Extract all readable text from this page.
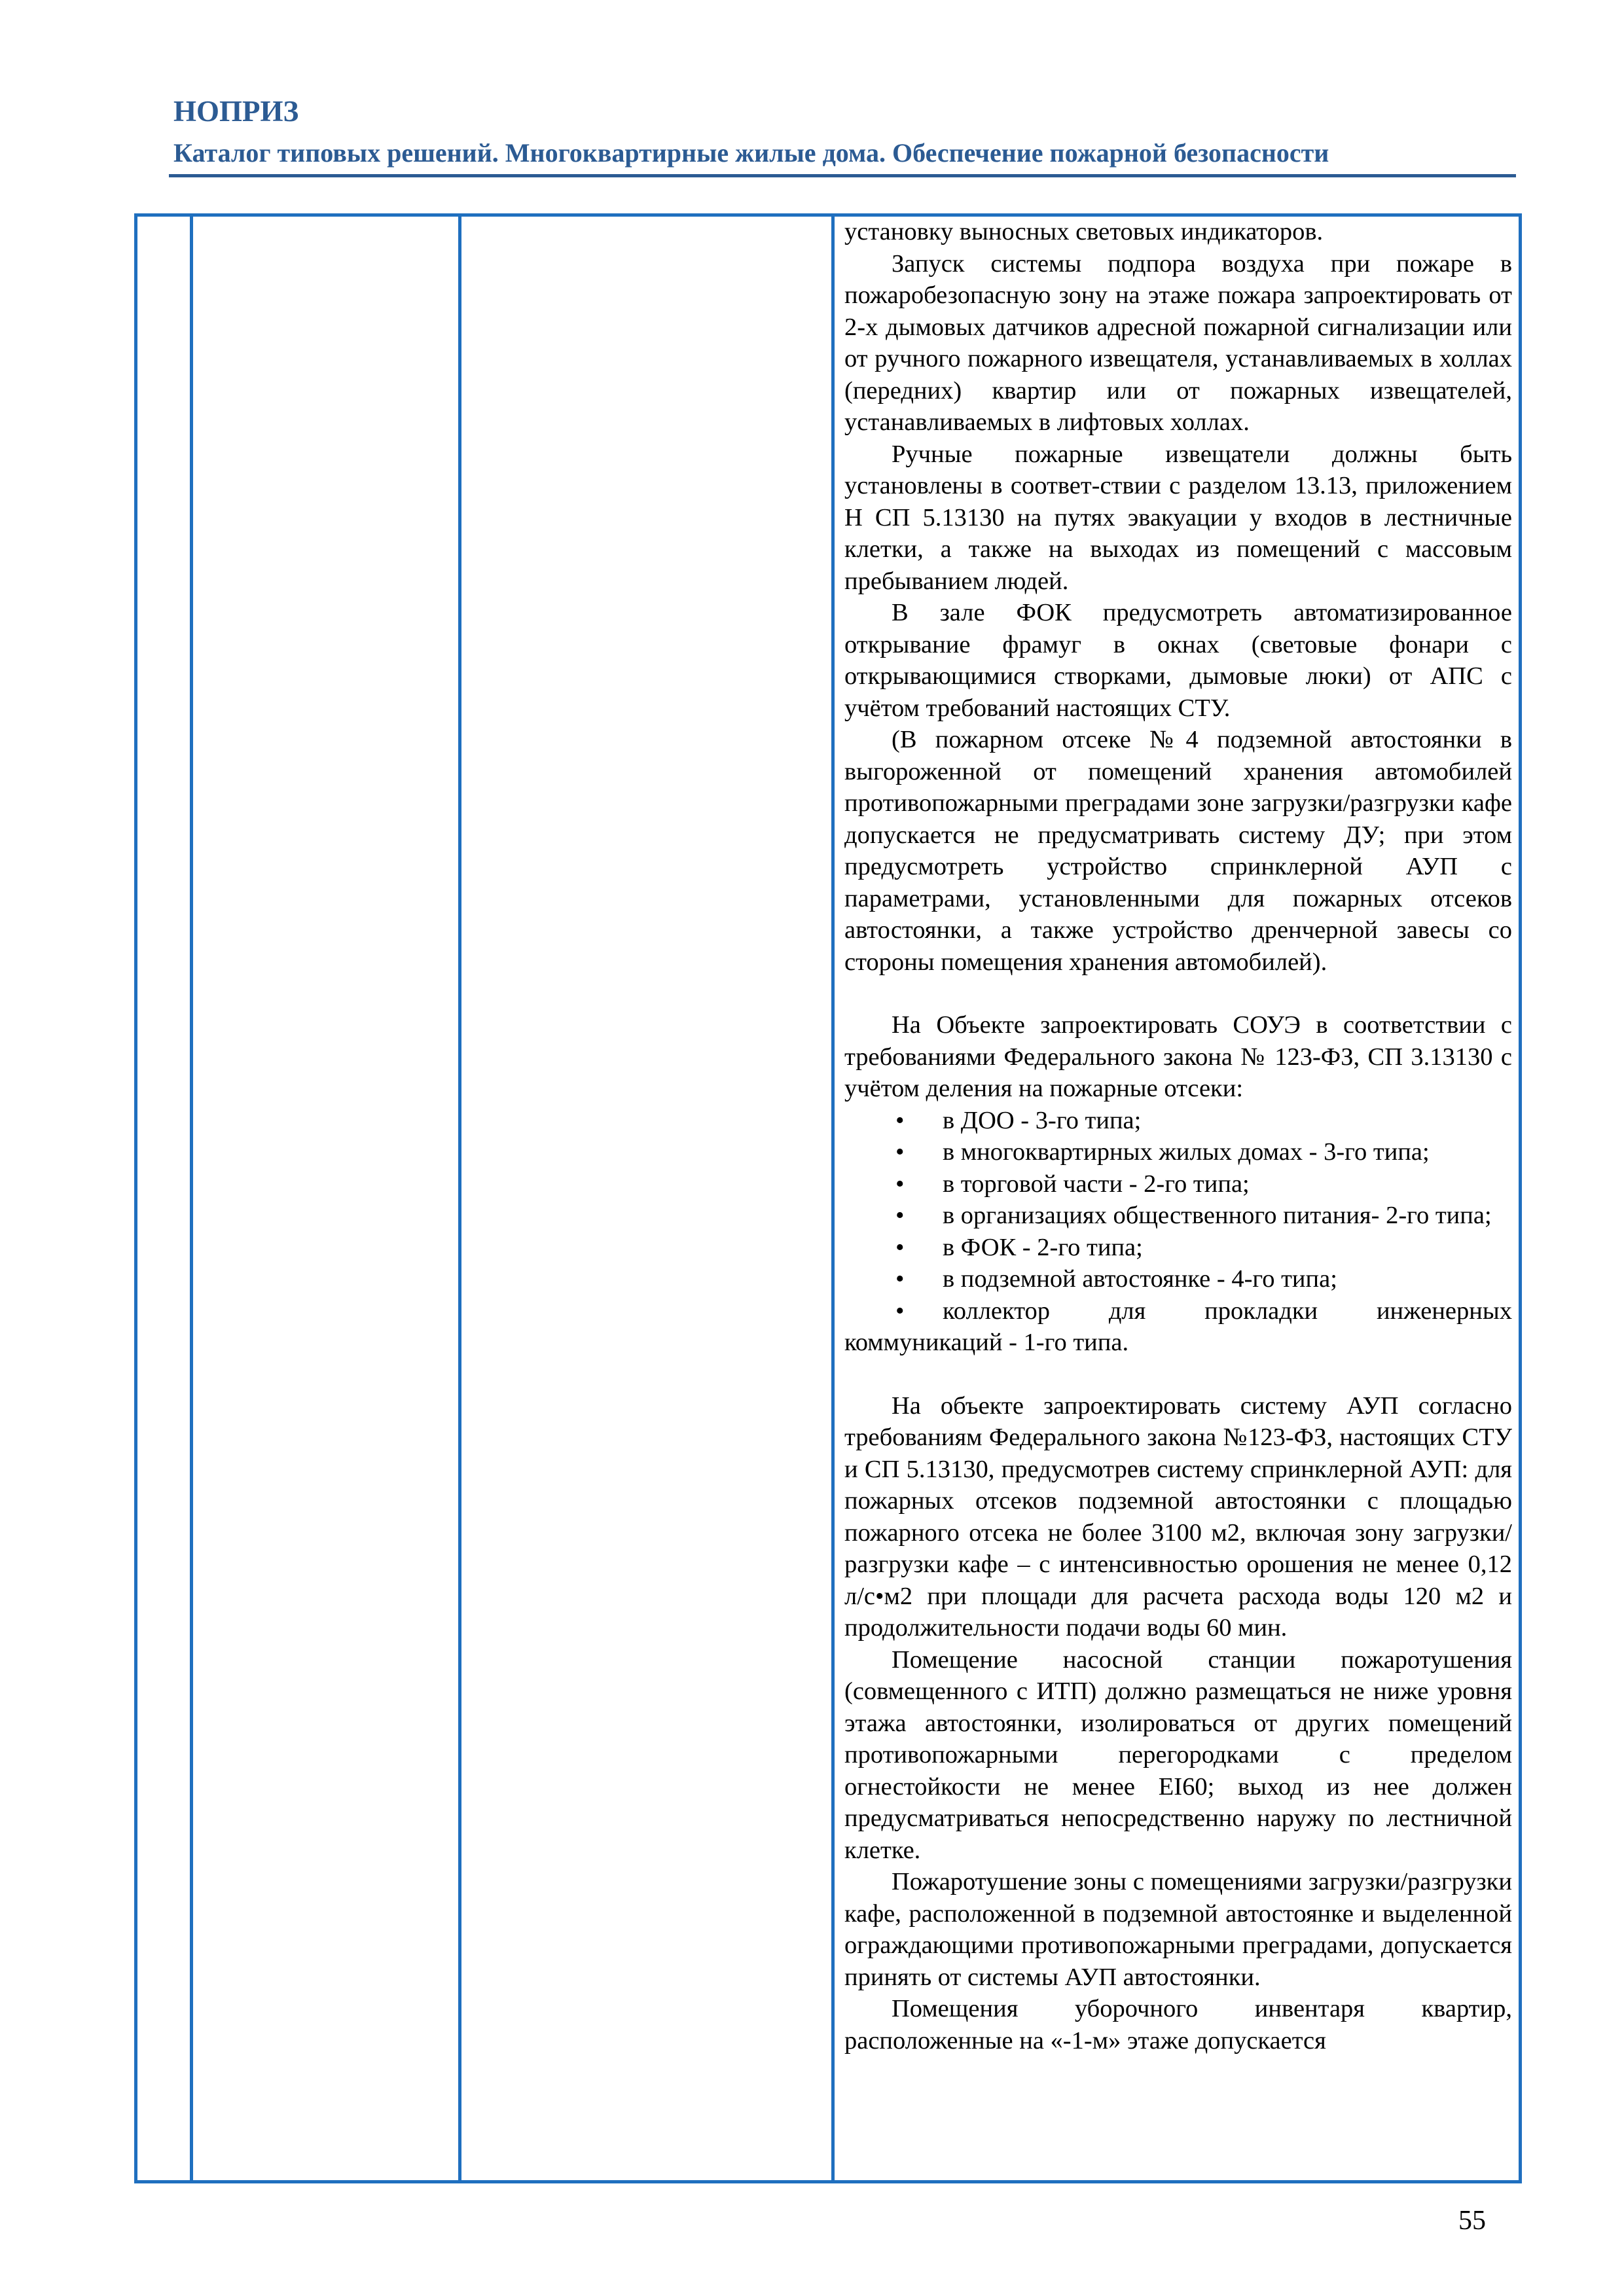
НОПРИЗ
Каталог типовых решений. Многоквартирные жилые дома. Обеспечение пожарной безопасности

установку выносных световых индикаторов.

Запуск системы подпора воздуха при пожаре в пожаробезопасную зону на этаже пожара запроектировать от 2-х дымовых датчиков адресной пожарной сигнализации или от ручного пожарного извещателя, устанавливаемых в холлах (передних) квартир или от пожарных извещателей, устанавливаемых в лифтовых холлах.

Ручные пожарные извещатели должны быть установлены в соответ-ствии с разделом 13.13, приложением Н СП 5.13130 на путях эвакуации у входов в лестничные клетки, а также на выходах из помещений с массовым пребыванием людей.

В зале ФОК предусмотреть автоматизированное открывание фрамуг в окнах (световые фонари с открывающимися створками, дымовые люки) от АПС с учётом требований настоящих СТУ.

(В пожарном отсеке №4 подземной автостоянки в выгороженной от помещений хранения автомобилей противопожарными преградами зоне загрузки/разгрузки кафе допускается не предусматривать систему ДУ; при этом предусмотреть устройство спринклерной АУП с параметрами, установленными для пожарных отсеков автостоянки, а также устройство дренчерной завесы со стороны помещения хранения автомобилей).

На Объекте запроектировать СОУЭ в соответствии с требованиями Федерального закона № 123-ФЗ, СП 3.13130 с учётом деления на пожарные отсеки:

• в ДОО - 3-го типа;
• в многоквартирных жилых домах - 3-го типа;
• в торговой части - 2-го типа;
• в организациях общественного питания- 2-го типа;
• в ФОК - 2-го типа;
• в подземной автостоянке - 4-го типа;
• коллектор для прокладки инженерных коммуникаций - 1-го типа.

На объекте запроектировать систему АУП согласно требованиям Федерального закона №123-ФЗ, настоящих СТУ и СП 5.13130, предусмотрев систему спринклерной АУП: для пожарных отсеков подземной автостоянки с площадью пожарного отсека не более 3100 м2, включая зону загрузки/разгрузки кафе – с интенсивностью орошения не менее 0,12 л/с•м2 при площади для расчета расхода воды 120 м2 и продолжительности подачи воды 60 мин.

Помещение насосной станции пожаротушения (совмещенного с ИТП) должно размещаться не ниже уровня этажа автостоянки, изолироваться от других помещений противопожарными перегородками с пределом огнестойкости не менее EI60; выход из нее должен предусматриваться непосредственно наружу по лестничной клетке.

Пожаротушение зоны с помещениями загрузки/разгрузки кафе, расположенной в подземной автостоянке и выделенной ограждающими противопожарными преградами, допускается принять от системы АУП автостоянки.

Помещения уборочного инвентаря квартир, расположенные на «-1-м» этаже допускается

55
